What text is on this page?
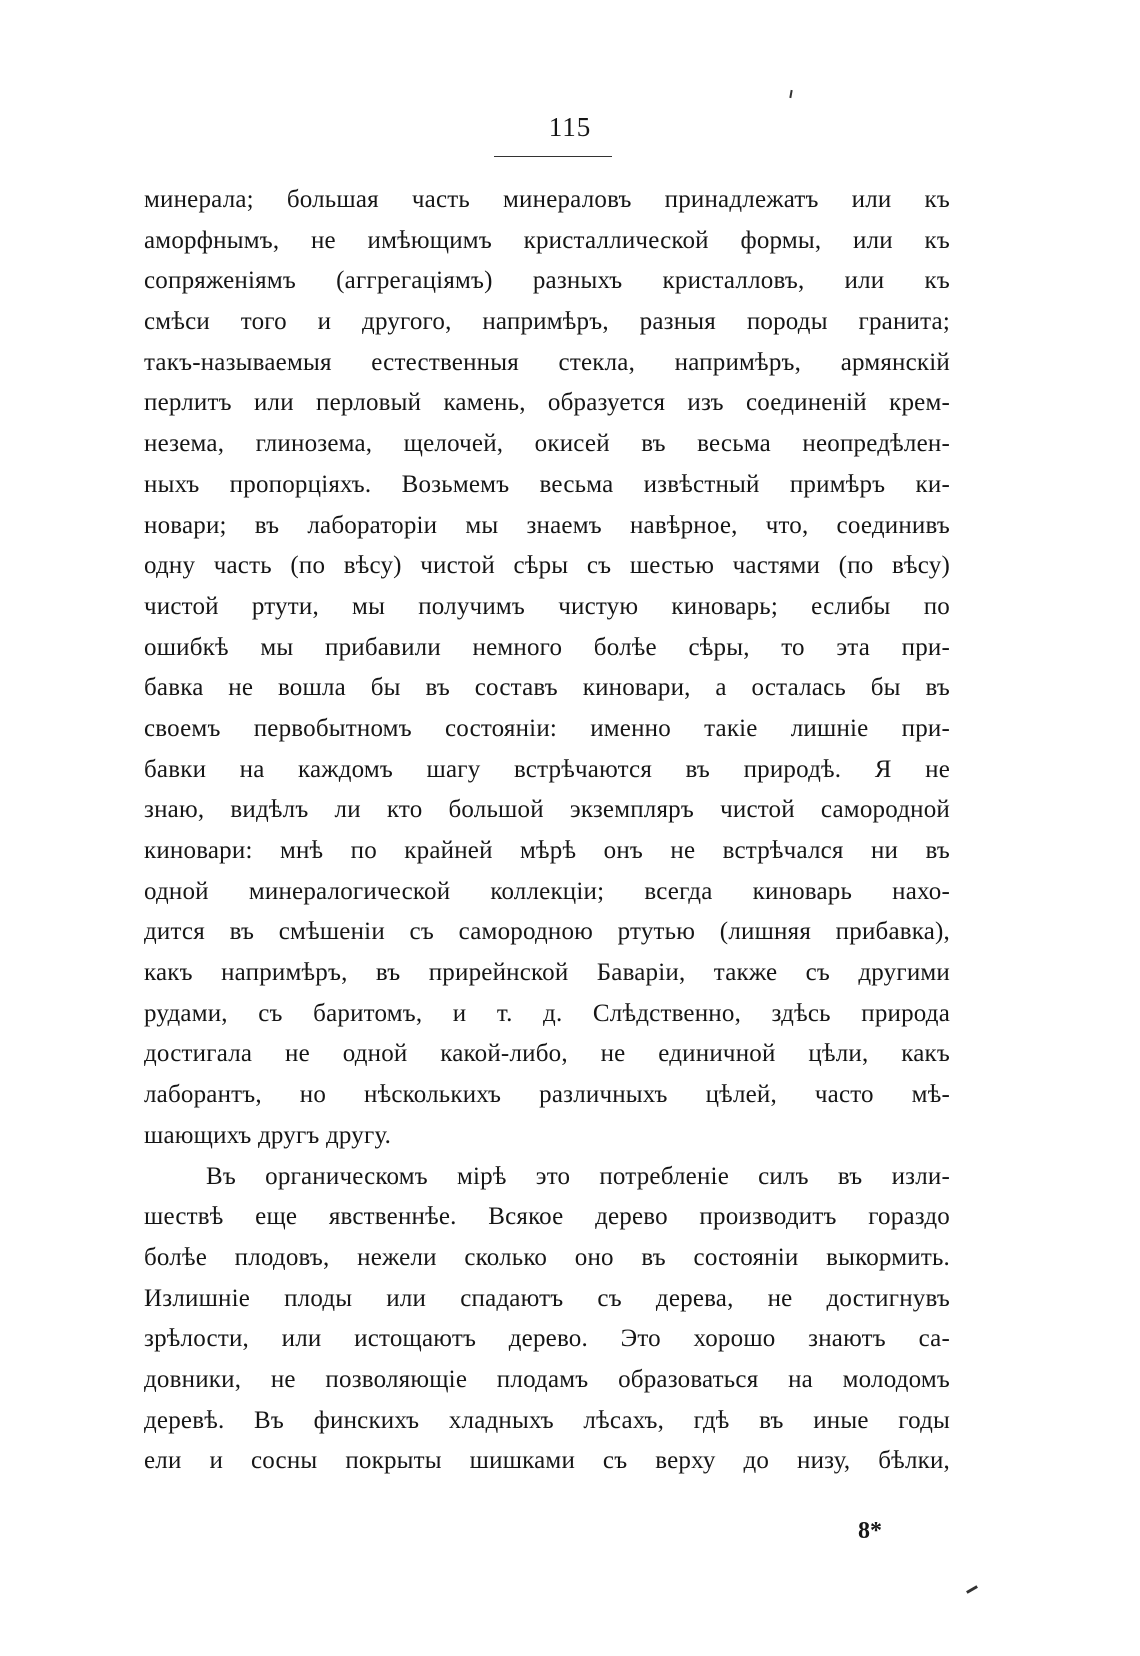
115
минерала; большая часть минераловъ принадлежатъ или къ
аморфнымъ, не имѣющимъ кристаллической формы, или къ
сопряженіямъ (аггрегаціямъ) разныхъ кристалловъ, или къ
смѣси того и другого, напримѣръ, разныя породы гранита;
такъ-называемыя естественныя стекла, напримѣръ, армянскій
перлитъ или перловый камень, образуется изъ соединеній крем-
незема, глинозема, щелочей, окисей въ весьма неопредѣлен-
ныхъ пропорціяхъ. Возьмемъ весьма извѣстный примѣръ ки-
новари; въ лабораторіи мы знаемъ навѣрное, что, соединивъ
одну часть (по вѣсу) чистой сѣры съ шестью частями (по вѣсу)
чистой ртути, мы получимъ чистую киноварь; еслибы по
ошибкѣ мы прибавили немного болѣе сѣры, то эта при-
бавка не вошла бы въ составъ киновари, а осталась бы въ
своемъ первобытномъ состояніи: именно такіе лишніе при-
бавки на каждомъ шагу встрѣчаются въ природѣ. Я не
знаю, видѣлъ ли кто большой экземпляръ чистой самородной
киновари: мнѣ по крайней мѣрѣ онъ не встрѣчался ни въ
одной минералогической коллекціи; всегда киноварь нахо-
дится въ смѣшеніи съ самородною ртутью (лишняя прибавка),
какъ напримѣръ, въ прирейнской Баваріи, также съ другими
рудами, съ баритомъ, и т. д. Слѣдственно, здѣсь природа
достигала не одной какой-либо, не единичной цѣли, какъ
лаборантъ, но нѣсколькихъ различныхъ цѣлей, часто мѣ-
шающихъ другъ другу.
Въ органическомъ мірѣ это потребленіе силъ въ изли-
шествѣ еще явственнѣе. Всякое дерево производитъ гораздо
болѣе плодовъ, нежели сколько оно въ состояніи выкормить.
Излишніе плоды или спадаютъ съ дерева, не достигнувъ
зрѣлости, или истощаютъ дерево. Это хорошо знаютъ са-
довники, не позволяющіе плодамъ образоваться на молодомъ
деревѣ. Въ финскихъ хладныхъ лѣсахъ, гдѣ въ иные годы
ели и сосны покрыты шишками съ верху до низу, бѣлки,
8*
